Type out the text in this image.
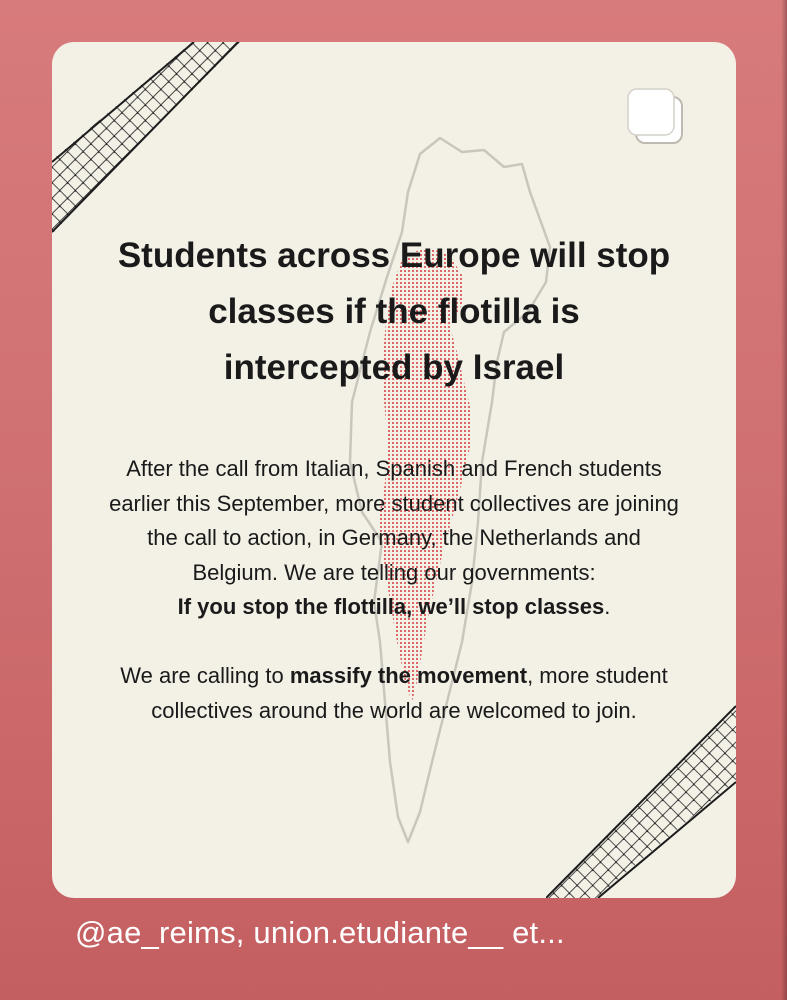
Students across Europe will stop classes if the flotilla is intercepted by Israel

After the call from Italian, Spanish and French students earlier this September, more student collectives are joining the call to action, in Germany, the Netherlands and Belgium. We are telling our governments:

If you stop the flottilla, we’ll stop classes.

We are calling to massify the movement, more student collectives around the world are welcomed to join.

@ae_reims, union.etudiante__ et...
